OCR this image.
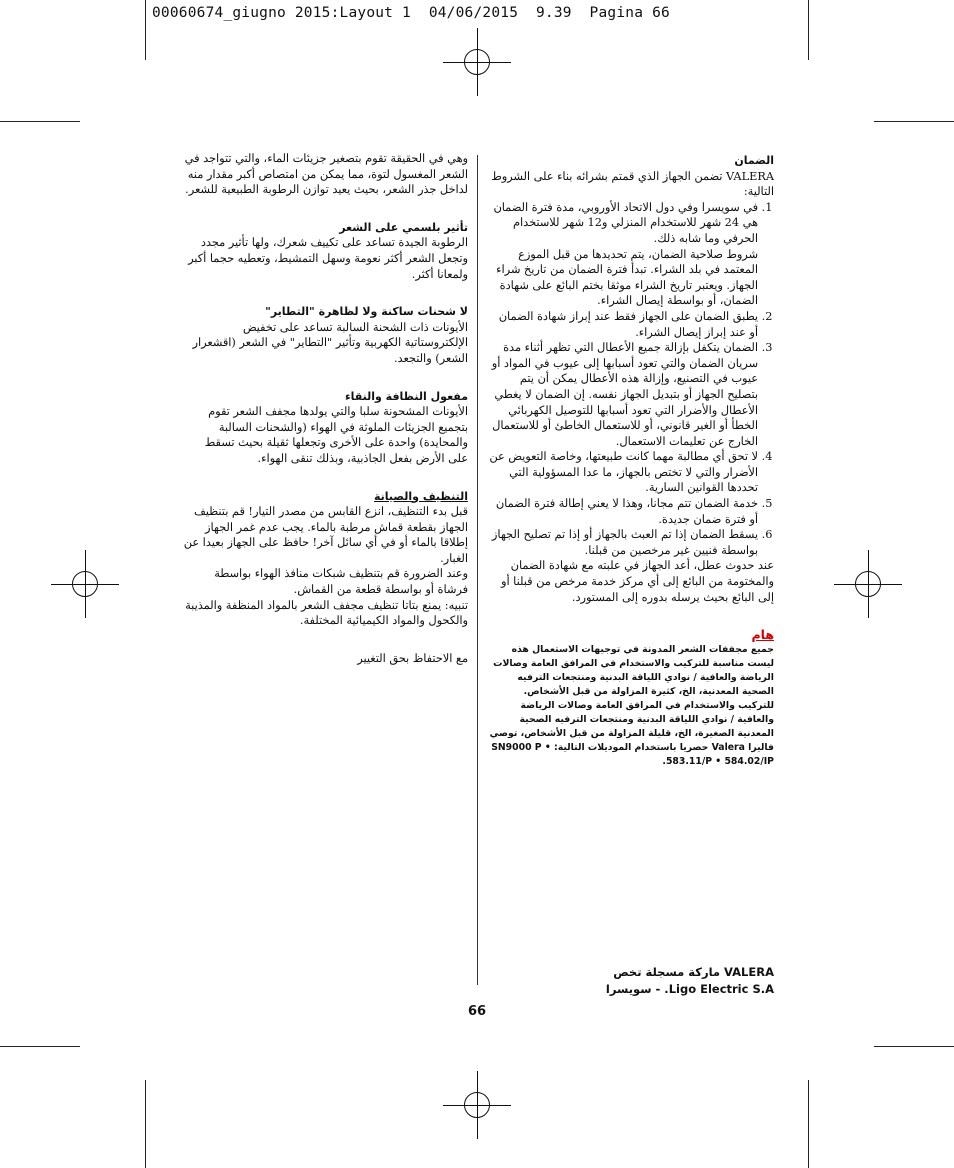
00060674_giugno 2015:Layout 1  04/06/2015  9.39  Pagina 66

الضمان

VALERA تضمن الجهاز الذي قمتم بشرائه بناء على الشروط التالية:

1. في سويسرا وفي دول الاتحاد الأوروبي، مدة فترة الضمان هي 24 شهر للاستخدام المنزلي و12 شهر للاستخدام الحرفي وما شابه ذلك.
شروط صلاحية الضمان، يتم تحديدها من قبل الموزع المعتمد في بلد الشراء. تبدأ فترة الضمان من تاريخ شراء الجهاز. ويعتبر تاريخ الشراء موثقا بختم البائع على شهادة الضمان، أو بواسطة إيصال الشراء.
2. يطبق الضمان على الجهاز فقط عند إبراز شهادة الضمان أو عند إبراز إيصال الشراء.
3. الضمان يتكفل بإزالة جميع الأعطال التي تظهر أثناء مدة سريان الضمان والتي تعود أسبابها إلى عيوب في المواد أو عيوب في التصنيع، وإزالة هذه الأعطال يمكن أن يتم بتصليح الجهاز أو بتبديل الجهاز نفسه. إن الضمان لا يغطي الأعطال والأضرار التي تعود أسبابها للتوصيل الكهربائي الخطأ أو الغير قانوني، أو للاستعمال الخاطئ أو للاستعمال الخارج عن تعليمات الاستعمال.
4. لا تحق أي مطالبة مهما كانت طبيعتها، وخاصة التعويض عن الأضرار والتي لا تختص بالجهاز، ما عدا المسؤولية التي تحددها القوانين السارية.
5. خدمة الضمان تتم مجانا، وهذا لا يعني إطالة فترة الضمان أو فترة ضمان جديدة.
6. يسقط الضمان إذا تم العبث بالجهاز أو إذا تم تصليح الجهاز بواسطة فنيين غير مرخصين من قبلنا.

عند حدوث عطل، أعد الجهاز في علبته مع شهادة الضمان والمختومة من البائع إلى أي مركز خدمة مرخص من قبلنا أو إلى البائع بحيث يرسله بدوره إلى المستورد.

هام

جميع مجففات الشعر المدونة في توجيهات الاستعمال هذه ليست مناسبة للتركيب والاستخدام في المرافق العامة وصالات الرياضة والعافية / نوادي اللياقة البدنية ومنتجعات الترفيه الصحية المعدنية، الخ، كثيرة المزاولة من قبل الأشخاص.

للتركيب والاستخدام في المرافق العامة وصالات الرياضة والعافية / نوادي اللياقة البدنية ومنتجعات الترفيه الصحية المعدنية الصغيرة، الخ، قليلة المزاولة من قبل الأشخاص، توصي فاليرا Valera حصريا باستخدام الموديلات التالية: SN9000 P • 583.11/P • 584.02/IP.

وهي في الحقيقة تقوم بتصغير جزيئات الماء، والتي تتواجد في الشعر المغسول لتوة، مما يمكن من امتصاص أكبر مقدار منه لداخل جذر الشعر، بحيث يعيد توازن الرطوبة الطبيعية للشعر.

تأثير بلسمي على الشعر

الرطوبة الجيدة تساعد على تكييف شعرك، ولها تأثير مجدد وتجعل الشعر أكثر نعومة وسهل التمشيط، وتعطيه حجما أكبر ولمعانا أكثر.

لا شحنات ساكنة ولا لظاهرة "التطاير"

الأيونات ذات الشحنة السالبة تساعد على تخفيض الإلكتروستاتية الكهربية وتأثير "التطاير" في الشعر (اقشعرار الشعر) والتجعد.

مفعول النظافة والنقاء

الأيونات المشحونة سلبا والتي يولدها مجفف الشعر تقوم بتجميع الجزيئات الملوثة في الهواء (والشحنات السالبة والمحايدة) واحدة على الأخرى وتجعلها ثقيلة بحيث تسقط على الأرض بفعل الجاذبية، وبذلك تنقى الهواء.

التنظيف والصيانة

قبل بدء التنظيف، انزع القابس من مصدر التيار! قم بتنظيف الجهاز بقطعة قماش مرطبة بالماء. يجب عدم غمر الجهاز إطلاقا بالماء أو في أي سائل آخر! حافظ على الجهاز بعيدا عن الغبار.

وعند الضرورة قم بتنظيف شبكات منافذ الهواء بواسطة فرشاة أو بواسطة قطعة من القماش.

تنبيه: يمنع بتاتا تنظيف مجفف الشعر بالمواد المنظفة والمذيبة والكحول والمواد الكيميائية المختلفة.

مع الاحتفاظ بحق التغيير

VALERA ماركة مسجلة تخص
Ligo Electric S.A. - سويسرا
66
